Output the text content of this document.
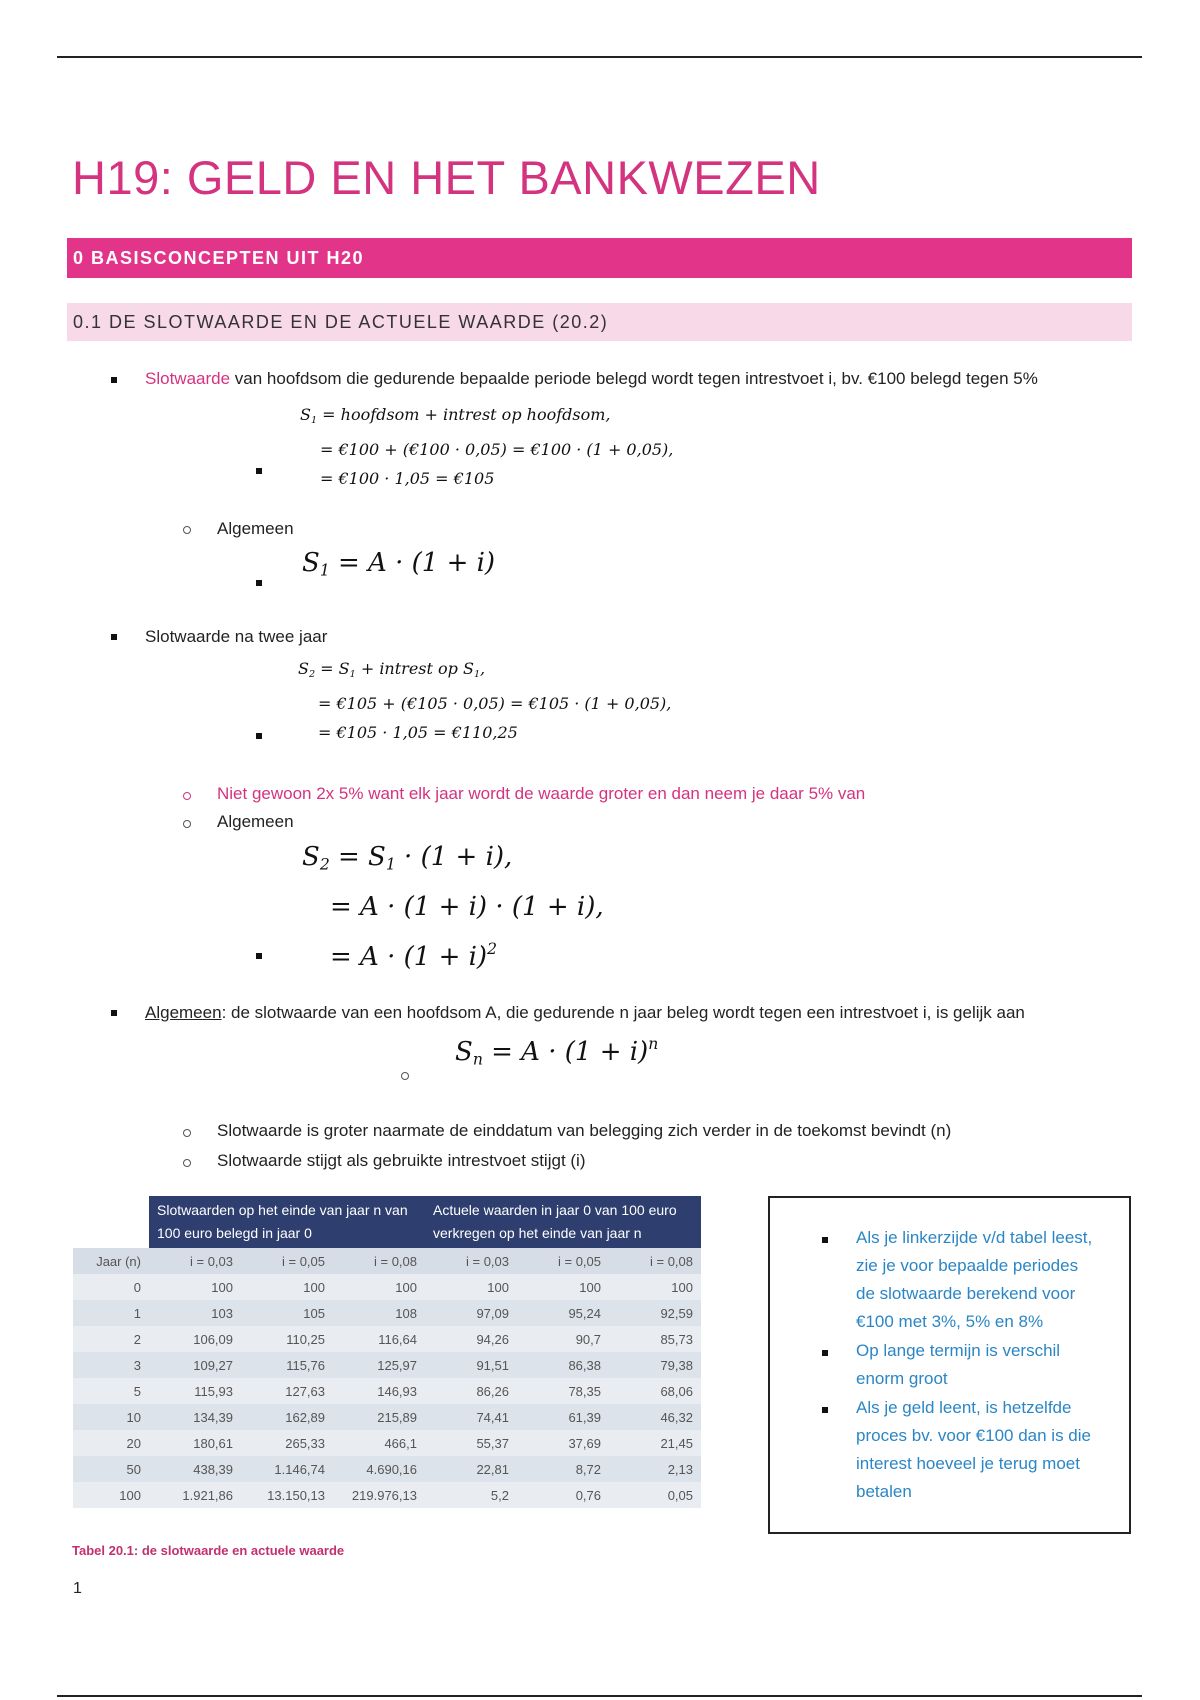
H19: GELD EN HET BANKWEZEN
0 BASISCONCEPTEN UIT H20
0.1 DE SLOTWAARDE EN DE ACTUELE WAARDE (20.2)
Slotwaarde van hoofdsom die gedurende bepaalde periode belegd wordt tegen intrestvoet i, bv. €100 belegd tegen 5%
$S_1$ = hoofdsom + intrest op hoofdsom,
= €100 + (€100 · 0,05) = €100 · (1 + 0,05),
= €100 · 1,05 = €105
Algemeen
$S_1 = A \cdot (1 + i)$
Slotwaarde na twee jaar
$S_2 = S_1$ + intrest op $S_1$,
= €105 + (€105 · 0,05) = €105 · (1 + 0,05),
= €105 · 1,05 = €110,25
Niet gewoon 2x 5% want elk jaar wordt de waarde groter en dan neem je daar 5% van
Algemeen
$S_2 = S_1 \cdot (1 + i)$,
= A · (1 + i) · (1 + i),
= $A \cdot (1 + i)^2$
Algemeen: de slotwaarde van een hoofdsom A, die gedurende n jaar beleg wordt tegen een intrestvoet i, is gelijk aan
$S_n = A \cdot (1 + i)^n$
Slotwaarde is groter naarmate de einddatum van belegging zich verder in de toekomst bevindt (n)
Slotwaarde stijgt als gebruikte intrestvoet stijgt (i)
	Slotwaarden op het einde van jaar n van 100 euro belegd in jaar 0			Actuele waarden in jaar 0 van 100 euro verkregen op het einde van jaar n		
Jaar (n)	i = 0,03	i = 0,05	i = 0,08	i = 0,03	i = 0,05	i = 0,08
0	100	100	100	100	100	100
1	103	105	108	97,09	95,24	92,59
2	106,09	110,25	116,64	94,26	90,7	85,73
3	109,27	115,76	125,97	91,51	86,38	79,38
5	115,93	127,63	146,93	86,26	78,35	68,06
10	134,39	162,89	215,89	74,41	61,39	46,32
20	180,61	265,33	466,1	55,37	37,69	21,45
50	438,39	1.146,74	4.690,16	22,81	8,72	2,13
100	1.921,86	13.150,13	219.976,13	5,2	0,76	0,05
Als je linkerzijde v/d tabel leest,
zie je voor bepaalde periodes
de slotwaarde berekend voor
€100 met 3%, 5% en 8%
Op lange termijn is verschil
enorm groot
Als je geld leent, is hetzelfde
proces bv. voor €100 dan is die
interest hoeveel je terug moet
betalen
Tabel 20.1: de slotwaarde en actuele waarde
1
